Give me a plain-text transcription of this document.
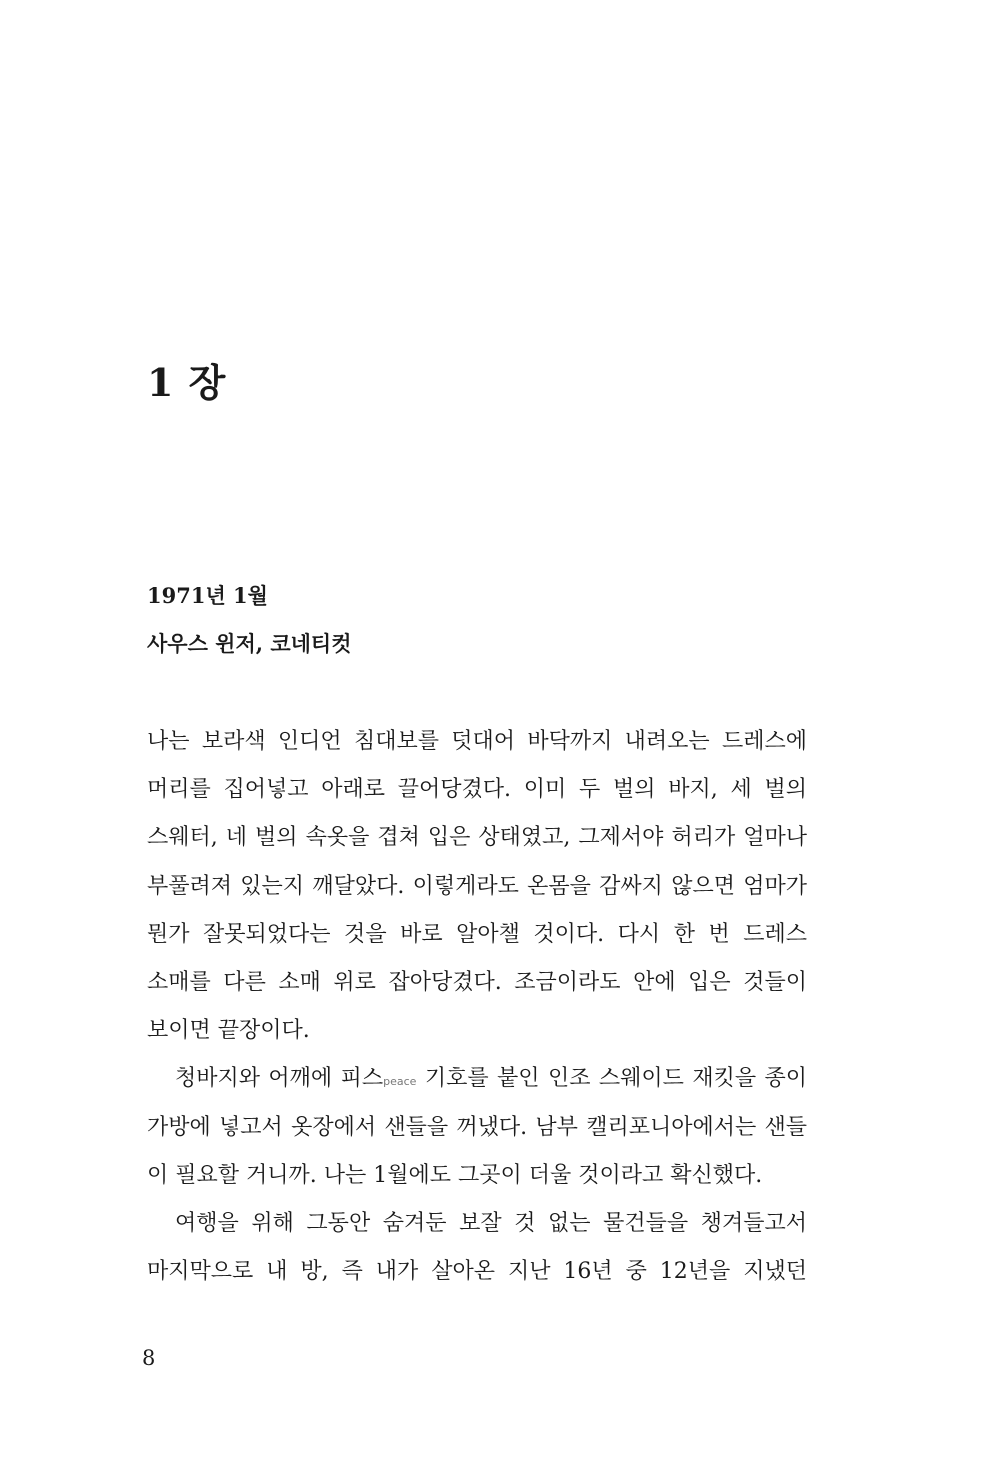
1 장

1971년 1월

사우스 윈저, 코네티컷

나는 보라색 인디언 침대보를 덧대어 바닥까지 내려오는 드레스에
머리를 집어넣고 아래로 끌어당겼다. 이미 두 벌의 바지, 세 벌의
스웨터, 네 벌의 속옷을 겹쳐 입은 상태였고, 그제서야 허리가 얼마나
부풀려져 있는지 깨달았다. 이렇게라도 온몸을 감싸지 않으면 엄마가
뭔가 잘못되었다는 것을 바로 알아챌 것이다. 다시 한 번 드레스
소매를 다른 소매 위로 잡아당겼다. 조금이라도 안에 입은 것들이
보이면 끝장이다.
청바지와 어깨에 피스peace 기호를 붙인 인조 스웨이드 재킷을 종이
가방에 넣고서 옷장에서 샌들을 꺼냈다. 남부 캘리포니아에서는 샌들
이 필요할 거니까. 나는 1월에도 그곳이 더울 것이라고 확신했다.
여행을 위해 그동안 숨겨둔 보잘 것 없는 물건들을 챙겨들고서
마지막으로 내 방, 즉 내가 살아온 지난 16년 중 12년을 지냈던

8
